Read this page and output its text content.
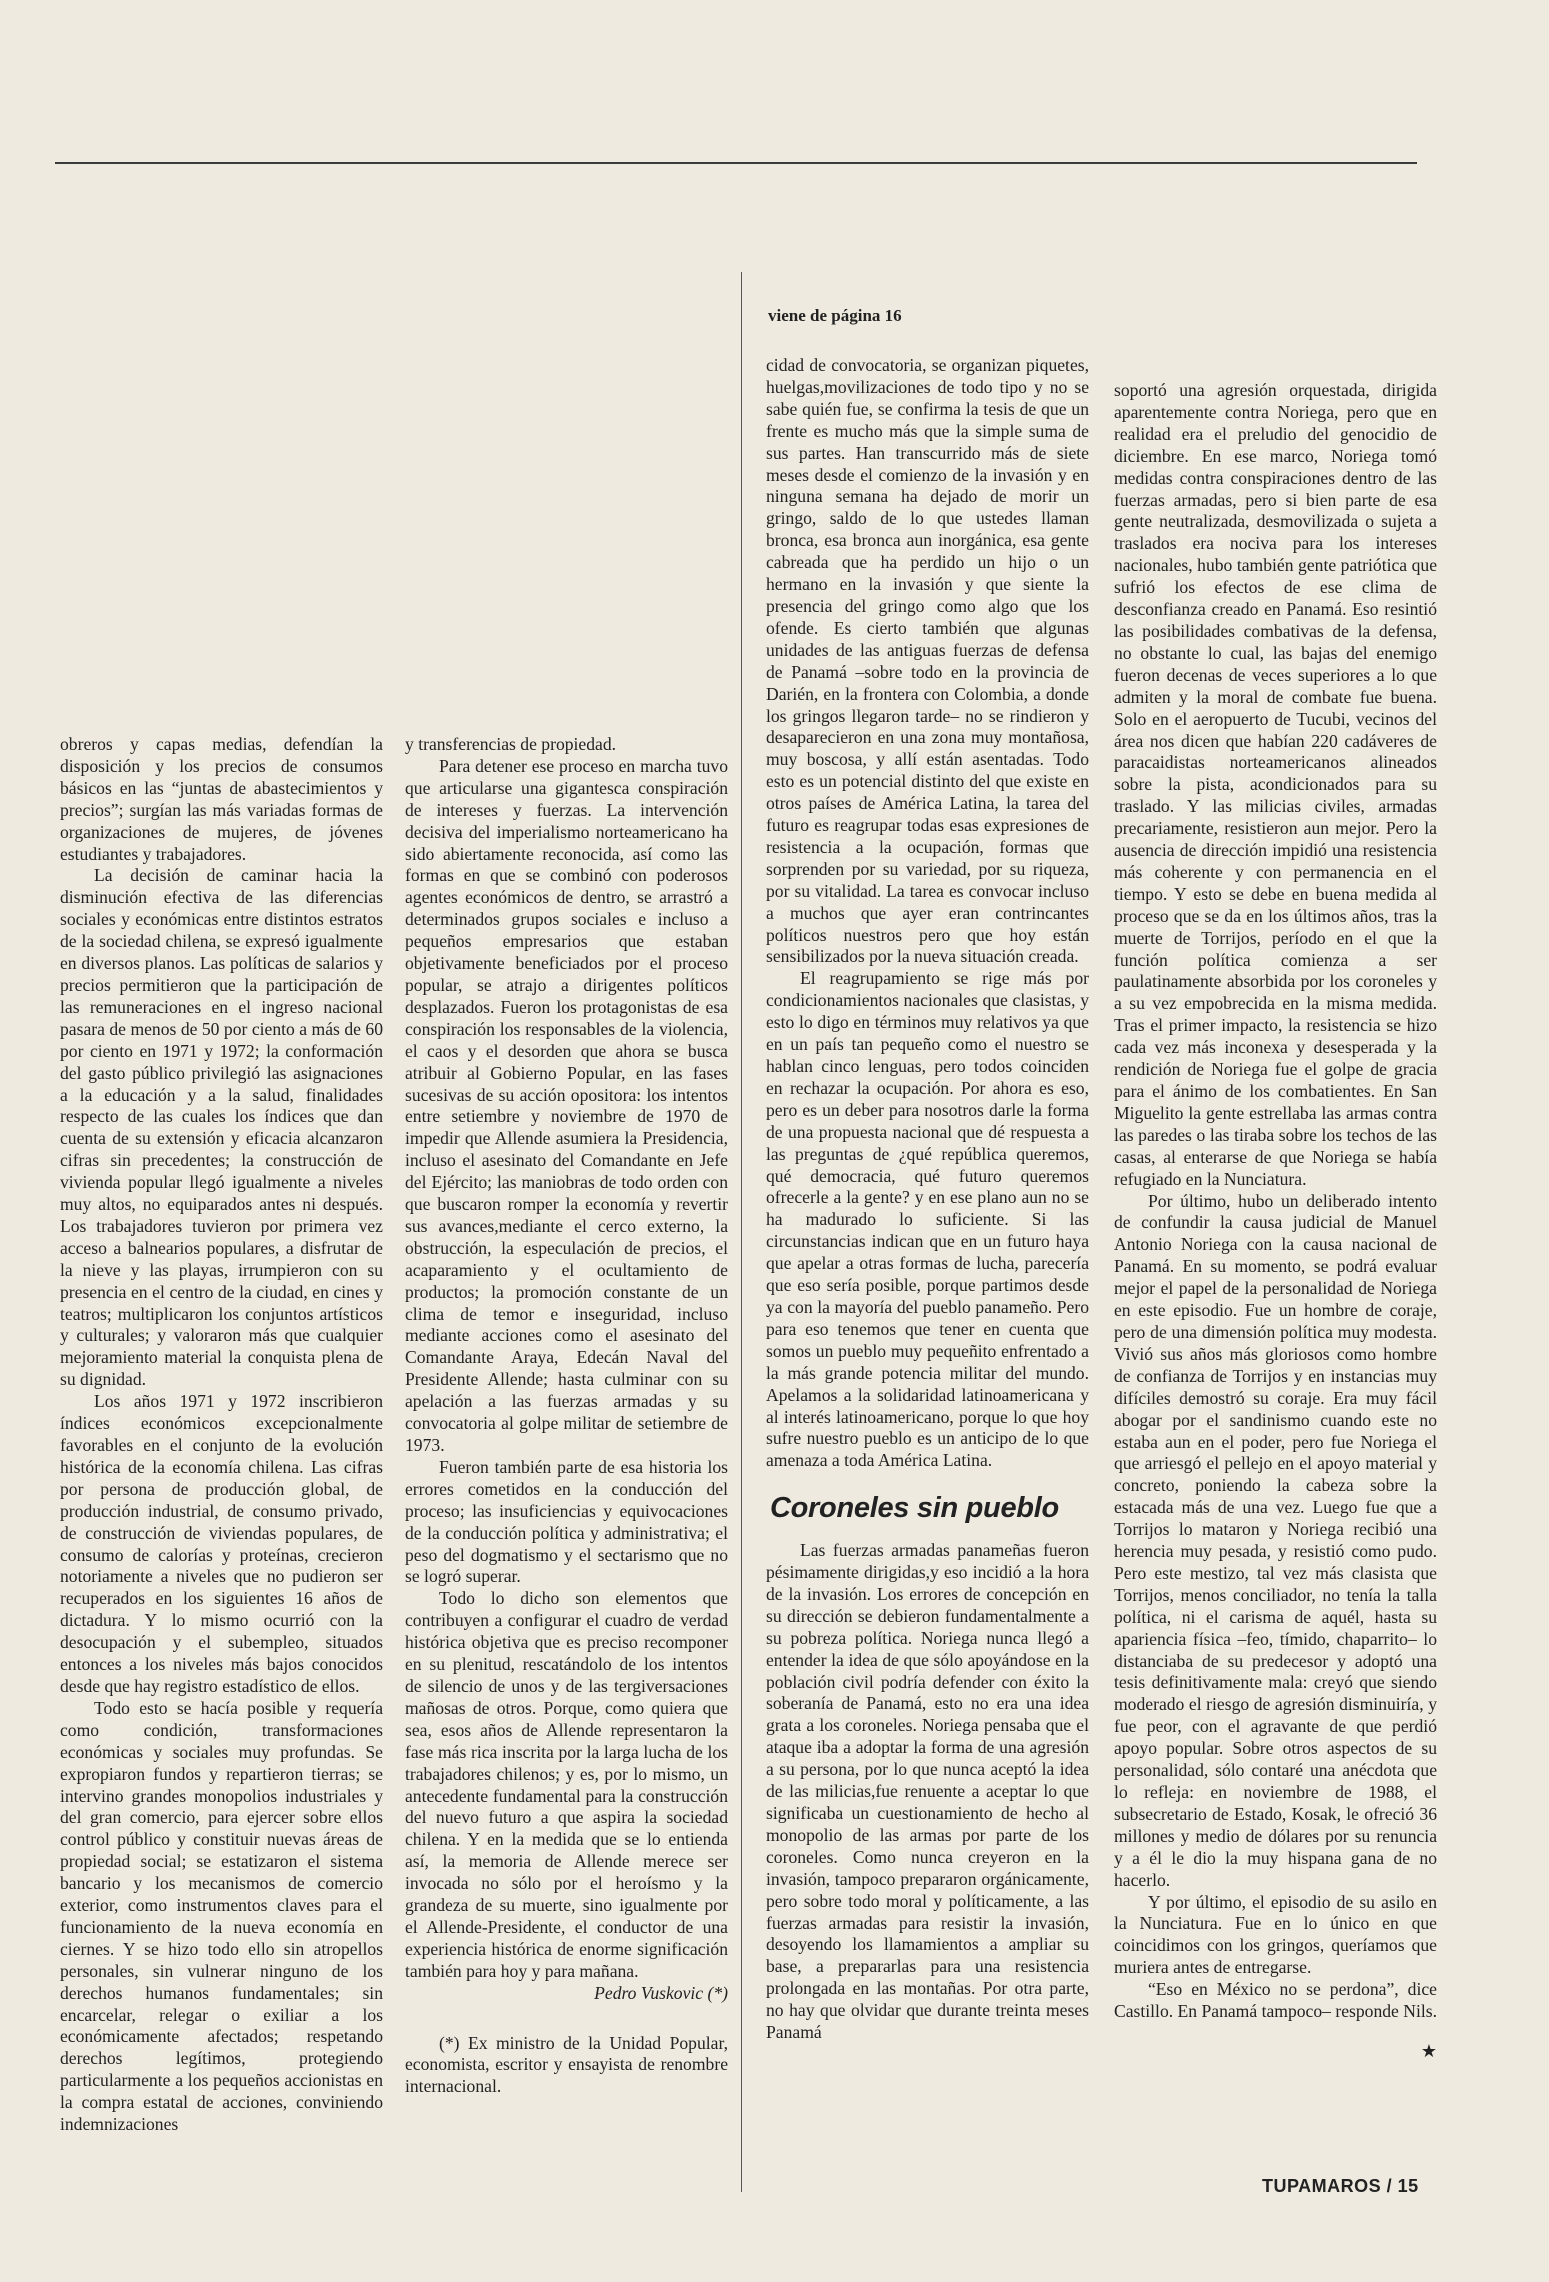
obreros y capas medias, defendían la disposición y los precios de consumos básicos en las “juntas de abastecimientos y precios”; surgían las más variadas formas de organizaciones de mujeres, de jóvenes estudiantes y trabajadores.

La decisión de caminar hacia la disminución efectiva de las diferencias sociales y económicas entre distintos estratos de la sociedad chilena, se expresó igualmente en diversos planos. Las políticas de salarios y precios permitieron que la participación de las remuneraciones en el ingreso nacional pasara de menos de 50 por ciento a más de 60 por ciento en 1971 y 1972; la conformación del gasto público privilegió las asignaciones a la educación y a la salud, finalidades respecto de las cuales los índices que dan cuenta de su extensión y eficacia alcanzaron cifras sin precedentes; la construcción de vivienda popular llegó igualmente a niveles muy altos, no equiparados antes ni después. Los trabajadores tuvieron por primera vez acceso a balnearios populares, a disfrutar de la nieve y las playas, irrumpieron con su presencia en el centro de la ciudad, en cines y teatros; multiplicaron los conjuntos artísticos y culturales; y valoraron más que cualquier mejoramiento material la conquista plena de su dignidad.

Los años 1971 y 1972 inscribieron índices económicos excepcionalmente favorables en el conjunto de la evolución histórica de la economía chilena. Las cifras por persona de producción global, de producción industrial, de consumo privado, de construcción de viviendas populares, de consumo de calorías y proteínas, crecieron notoriamente a niveles que no pudieron ser recuperados en los siguientes 16 años de dictadura. Y lo mismo ocurrió con la desocupación y el subempleo, situados entonces a los niveles más bajos conocidos desde que hay registro estadístico de ellos.

Todo esto se hacía posible y requería como condición, transformaciones económicas y sociales muy profundas. Se expropiaron fundos y repartieron tierras; se intervino grandes monopolios industriales y del gran comercio, para ejercer sobre ellos control público y constituir nuevas áreas de propiedad social; se estatizaron el sistema bancario y los mecanismos de comercio exterior, como instrumentos claves para el funcionamiento de la nueva economía en ciernes. Y se hizo todo ello sin atropellos personales, sin vulnerar ninguno de los derechos humanos fundamentales; sin encarcelar, relegar o exiliar a los económicamente afectados; respetando derechos legítimos, protegiendo particularmente a los pequeños accionistas en la compra estatal de acciones, conviniendo indemnizaciones

y transferencias de propiedad.

Para detener ese proceso en marcha tuvo que articularse una gigantesca conspiración de intereses y fuerzas. La intervención decisiva del imperialismo norteamericano ha sido abiertamente reconocida, así como las formas en que se combinó con poderosos agentes económicos de dentro, se arrastró a determinados grupos sociales e incluso a pequeños empresarios que estaban objetivamente beneficiados por el proceso popular, se atrajo a dirigentes políticos desplazados. Fueron los protagonistas de esa conspiración los responsables de la violencia, el caos y el desorden que ahora se busca atribuir al Gobierno Popular, en las fases sucesivas de su acción opositora: los intentos entre setiembre y noviembre de 1970 de impedir que Allende asumiera la Presidencia, incluso el asesinato del Comandante en Jefe del Ejército; las maniobras de todo orden con que buscaron romper la economía y revertir sus avances,mediante el cerco externo, la obstrucción, la especulación de precios, el acaparamiento y el ocultamiento de productos; la promoción constante de un clima de temor e inseguridad, incluso mediante acciones como el asesinato del Comandante Araya, Edecán Naval del Presidente Allende; hasta culminar con su apelación a las fuerzas armadas y su convocatoria al golpe militar de setiembre de 1973.

Fueron también parte de esa historia los errores cometidos en la conducción del proceso; las insuficiencias y equivocaciones de la conducción política y administrativa; el peso del dogmatismo y el sectarismo que no se logró superar.

Todo lo dicho son elementos que contribuyen a configurar el cuadro de verdad histórica objetiva que es preciso recomponer en su plenitud, rescatándolo de los intentos de silencio de unos y de las tergiversaciones mañosas de otros. Porque, como quiera que sea, esos años de Allende representaron la fase más rica inscrita por la larga lucha de los trabajadores chilenos; y es, por lo mismo, un antecedente fundamental para la construcción del nuevo futuro a que aspira la sociedad chilena. Y en la medida que se lo entienda así, la memoria de Allende merece ser invocada no sólo por el heroísmo y la grandeza de su muerte, sino igualmente por el Allende-Presidente, el conductor de una experiencia histórica de enorme significación también para hoy y para mañana.

Pedro Vuskovic (*)

(*) Ex ministro de la Unidad Popular, economista, escritor y ensayista de renombre internacional.

viene de página 16

cidad de convocatoria, se organizan piquetes, huelgas,movilizaciones de todo tipo y no se sabe quién fue, se confirma la tesis de que un frente es mucho más que la simple suma de sus partes. Han transcurrido más de siete meses desde el comienzo de la invasión y en ninguna semana ha dejado de morir un gringo, saldo de lo que ustedes llaman bronca, esa bronca aun inorgánica, esa gente cabreada que ha perdido un hijo o un hermano en la invasión y que siente la presencia del gringo como algo que los ofende. Es cierto también que algunas unidades de las antiguas fuerzas de defensa de Panamá –sobre todo en la provincia de Darién, en la frontera con Colombia, a donde los gringos llegaron tarde– no se rindieron y desaparecieron en una zona muy montañosa, muy boscosa, y allí están asentadas. Todo esto es un potencial distinto del que existe en otros países de América Latina, la tarea del futuro es reagrupar todas esas expresiones de resistencia a la ocupación, formas que sorprenden por su variedad, por su riqueza, por su vitalidad. La tarea es convocar incluso a muchos que ayer eran contrincantes políticos nuestros pero que hoy están sensibilizados por la nueva situación creada.

El reagrupamiento se rige más por condicionamientos nacionales que clasistas, y esto lo digo en términos muy relativos ya que en un país tan pequeño como el nuestro se hablan cinco lenguas, pero todos coinciden en rechazar la ocupación. Por ahora es eso, pero es un deber para nosotros darle la forma de una propuesta nacional que dé respuesta a las preguntas de ¿qué república queremos, qué democracia, qué futuro queremos ofrecerle a la gente? y en ese plano aun no se ha madurado lo suficiente. Si las circunstancias indican que en un futuro haya que apelar a otras formas de lucha, parecería que eso sería posible, porque partimos desde ya con la mayoría del pueblo panameño. Pero para eso tenemos que tener en cuenta que somos un pueblo muy pequeñito enfrentado a la más grande potencia militar del mundo. Apelamos a la solidaridad latinoamericana y al interés latinoamericano, porque lo que hoy sufre nuestro pueblo es un anticipo de lo que amenaza a toda América Latina.

Coroneles sin pueblo

Las fuerzas armadas panameñas fueron pésimamente dirigidas,y eso incidió a la hora de la invasión. Los errores de concepción en su dirección se debieron fundamentalmente a su pobreza política. Noriega nunca llegó a entender la idea de que sólo apoyándose en la población civil podría defender con éxito la soberanía de Panamá, esto no era una idea grata a los coroneles. Noriega pensaba que el ataque iba a adoptar la forma de una agresión a su persona, por lo que nunca aceptó la idea de las milicias,fue renuente a aceptar lo que significaba un cuestionamiento de hecho al monopolio de las armas por parte de los coroneles. Como nunca creyeron en la invasión, tampoco prepararon orgánicamente, pero sobre todo moral y políticamente, a las fuerzas armadas para resistir la invasión, desoyendo los llamamientos a ampliar su base, a prepararlas para una resistencia prolongada en las montañas. Por otra parte, no hay que olvidar que durante treinta meses Panamá

soportó una agresión orquestada, dirigida aparentemente contra Noriega, pero que en realidad era el preludio del genocidio de diciembre. En ese marco, Noriega tomó medidas contra conspiraciones dentro de las fuerzas armadas, pero si bien parte de esa gente neutralizada, desmovilizada o sujeta a traslados era nociva para los intereses nacionales, hubo también gente patriótica que sufrió los efectos de ese clima de desconfianza creado en Panamá. Eso resintió las posibilidades combativas de la defensa, no obstante lo cual, las bajas del enemigo fueron decenas de veces superiores a lo que admiten y la moral de combate fue buena. Solo en el aeropuerto de Tucubi, vecinos del área nos dicen que habían 220 cadáveres de paracaidistas norteamericanos alineados sobre la pista, acondicionados para su traslado. Y las milicias civiles, armadas precariamente, resistieron aun mejor. Pero la ausencia de dirección impidió una resistencia más coherente y con permanencia en el tiempo. Y esto se debe en buena medida al proceso que se da en los últimos años, tras la muerte de Torrijos, período en el que la función política comienza a ser paulatinamente absorbida por los coroneles y a su vez empobrecida en la misma medida. Tras el primer impacto, la resistencia se hizo cada vez más inconexa y desesperada y la rendición de Noriega fue el golpe de gracia para el ánimo de los combatientes. En San Miguelito la gente estrellaba las armas contra las paredes o las tiraba sobre los techos de las casas, al enterarse de que Noriega se había refugiado en la Nunciatura.

Por último, hubo un deliberado intento de confundir la causa judicial de Manuel Antonio Noriega con la causa nacional de Panamá. En su momento, se podrá evaluar mejor el papel de la personalidad de Noriega en este episodio. Fue un hombre de coraje, pero de una dimensión política muy modesta. Vivió sus años más gloriosos como hombre de confianza de Torrijos y en instancias muy difíciles demostró su coraje. Era muy fácil abogar por el sandinismo cuando este no estaba aun en el poder, pero fue Noriega el que arriesgó el pellejo en el apoyo material y concreto, poniendo la cabeza sobre la estacada más de una vez. Luego fue que a Torrijos lo mataron y Noriega recibió una herencia muy pesada, y resistió como pudo. Pero este mestizo, tal vez más clasista que Torrijos, menos conciliador, no tenía la talla política, ni el carisma de aquél, hasta su apariencia física –feo, tímido, chaparrito– lo distanciaba de su predecesor y adoptó una tesis definitivamente mala: creyó que siendo moderado el riesgo de agresión disminuiría, y fue peor, con el agravante de que perdió apoyo popular. Sobre otros aspectos de su personalidad, sólo contaré una anécdota que lo refleja: en noviembre de 1988, el subsecretario de Estado, Kosak, le ofreció 36 millones y medio de dólares por su renuncia y a él le dio la muy hispana gana de no hacerlo.

Y por último, el episodio de su asilo en la Nunciatura. Fue en lo único en que coincidimos con los gringos, queríamos que muriera antes de entregarse.

“Eso en México no se perdona”, dice Castillo. En Panamá tampoco– responde Nils.

★
TUPAMAROS / 15
